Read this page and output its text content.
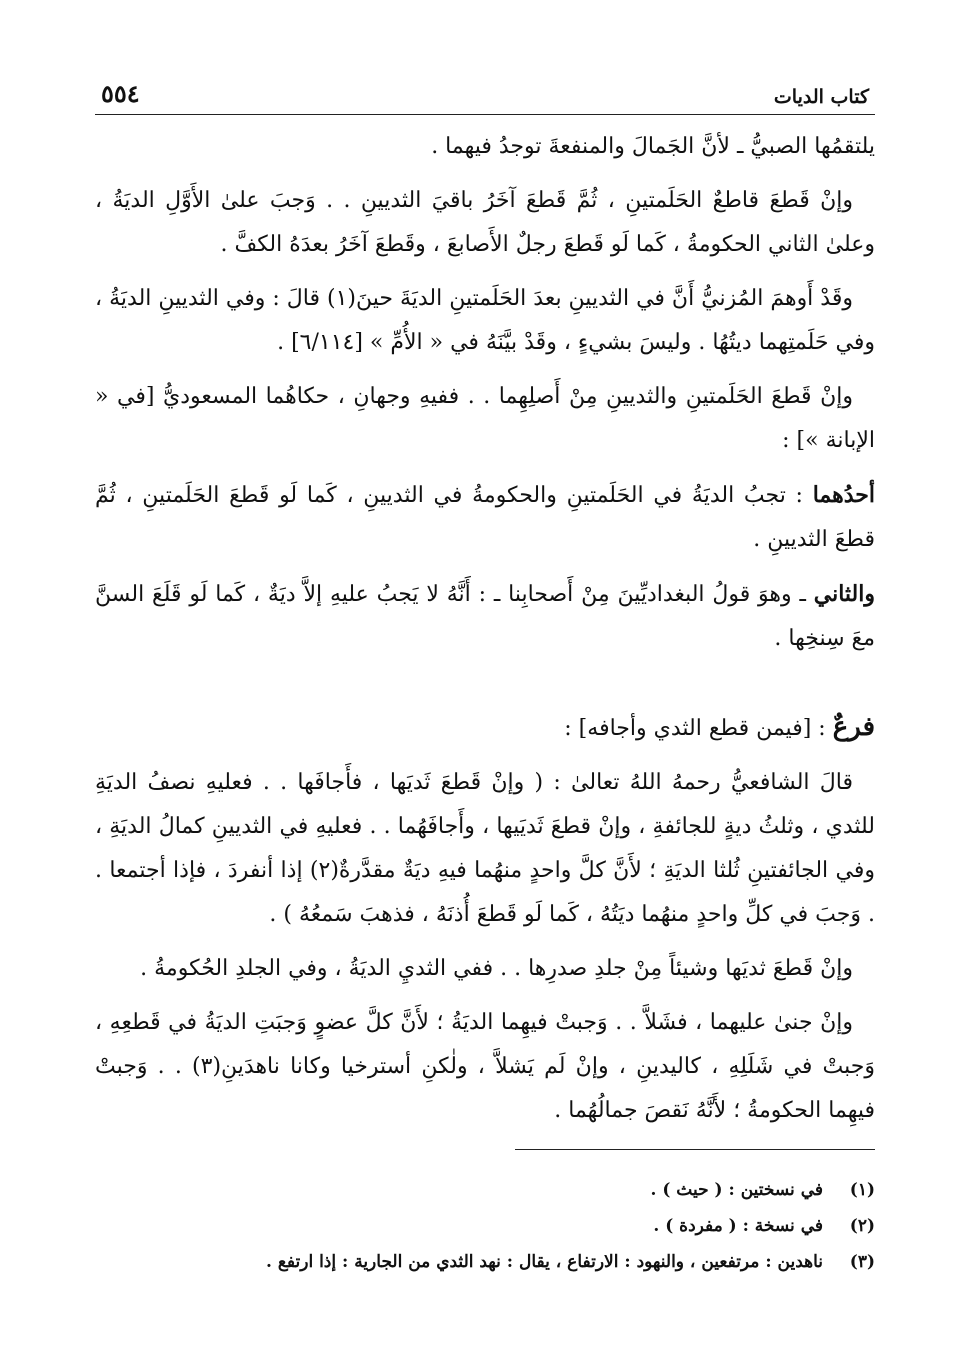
كتاب الديات
٥٥٤

يلتقمُها الصبيُّ ـ لأنَّ الجَمالَ والمنفعةَ توجدُ فيهما .

وإنْ قَطعَ قاطعٌ الحَلَمتينِ ، ثُمَّ قَطعَ آخَرُ باقيَ الثديينِ . . وَجبَ علىٰ الأَوَّلِ الديَةُ ، وعلىٰ الثاني الحكومةُ ، كَما لَو قَطعَ رجلٌ الأَصابعَ ، وقَطعَ آخَرُ بعدَهُ الكفَّ .

وقَدْ أَوهمَ المُزنيُّ أَنَّ في الثديينِ بعدَ الحَلَمتينِ الديَةَ حينَ(١) قالَ : وفي الثديينِ الديَةُ ، وفي حَلَمتِهما ديتُهُا . وليسَ بشيءٍ ، وقَدْ بيَّنَهُ في « الأُمِّ » [٦/١١٤] .

وإنْ قَطعَ الحَلَمتينِ والثديينِ مِنْ أَصلِهِما . . ففيهِ وجهانِ ، حكاهُما المسعوديُّ [في « الإبانة »] :

أحدُهما : تجبُ الديَةُ في الحَلَمتينِ والحكومةُ في الثديينِ ، كَما لَو قَطعَ الحَلَمتينِ ، ثُمَّ قطعَ الثديينِ .

والثاني ـ وهوَ قولُ البغداديِّينَ مِنْ أَصحابِنا ـ : أَنَّهُ لا يَجبُ عليهِ إلاَّ ديَةٌ ، كَما لَو قَلَعَ السنَّ معَ سِنخِها .

فرعٌ : [فيمن قطع الثدي وأجافه] :

قالَ الشافعيُّ رحمهُ اللهُ تعالىٰ : ( وإنْ قَطعَ ثَديَها ، فأَجافَها . . فعليهِ نصفُ الديَةِ للثدي ، وثلثُ ديةٍ للجائفةِ ، وإنْ قطعَ ثَديَيها ، وأَجافَهُما . . فعليهِ في الثديينِ كمالُ الديَةِ ، وفي الجائفتينِ ثُلثا الديَةِ ؛ لأَنَّ كلَّ واحدٍ منهُما فيهِ ديَةٌ مقدَّرةٌ(٢) إذا أنفردَ ، فإذا أجتمعا . . وَجبَ في كلِّ واحدٍ منهُما ديَتُهُ ، كَما لَو قَطعَ أُذنَهُ ، فذهبَ سَمعُهُ ) .

وإنْ قَطعَ ثديَها وشيئاً مِنْ جلدِ صدرِها . . ففي الثديِ الديَةُ ، وفي الجلدِ الحُكومةُ .

وإنْ جنىٰ عليهما ، فشَلاَّ . . وَجبتْ فيهِما الديَةُ ؛ لأَنَّ كلَّ عضوٍ وَجبَتِ الديَةُ في قَطعِهِ ، وَجبتْ في شَلَلِهِ ، كاليدينِ ، وإنْ لَم يَشلاَّ ، ولٰكنِ أسترخيا وكانا ناهدَينِ(٣) . . وَجبتْ فيهِما الحكومةُ ؛ لأَنَّهُ نَقصَ جمالُهُما .

(١)
في نسختين : ( حيث ) .
(٢)
في نسخة : ( مفردة ) .
(٣)
ناهدين : مرتفعين ، والنهود : الارتفاع ، يقال : نهد الثدي من الجارية : إذا ارتفع .
